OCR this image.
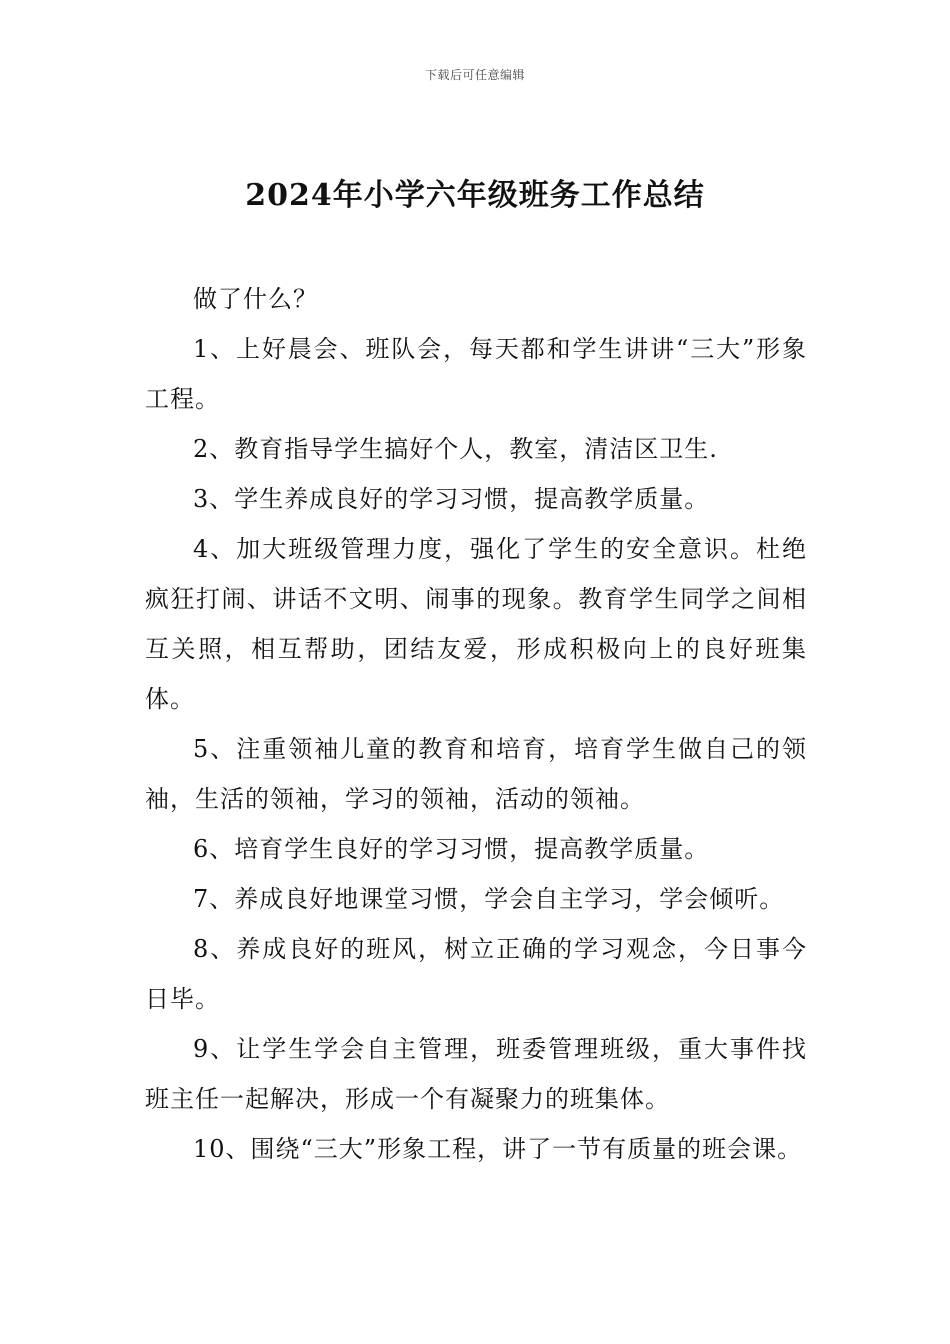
下载后可任意编辑
2024年小学六年级班务工作总结

做了什么？

1、上好晨会、班队会，每天都和学生讲讲“三大”形象工程。

2、教育指导学生搞好个人，教室，清洁区卫生.

3、学生养成良好的学习习惯，提高教学质量。

4、加大班级管理力度，强化了学生的安全意识。杜绝疯狂打闹、讲话不文明、闹事的现象。教育学生同学之间相互关照，相互帮助，团结友爱，形成积极向上的良好班集体。

5、注重领袖儿童的教育和培育，培育学生做自己的领袖，生活的领袖，学习的领袖，活动的领袖。

6、培育学生良好的学习习惯，提高教学质量。

7、养成良好地课堂习惯，学会自主学习，学会倾听。

8、养成良好的班风，树立正确的学习观念，今日事今日毕。

9、让学生学会自主管理，班委管理班级，重大事件找班主任一起解决，形成一个有凝聚力的班集体。

10、围绕“三大”形象工程，讲了一节有质量的班会课。
